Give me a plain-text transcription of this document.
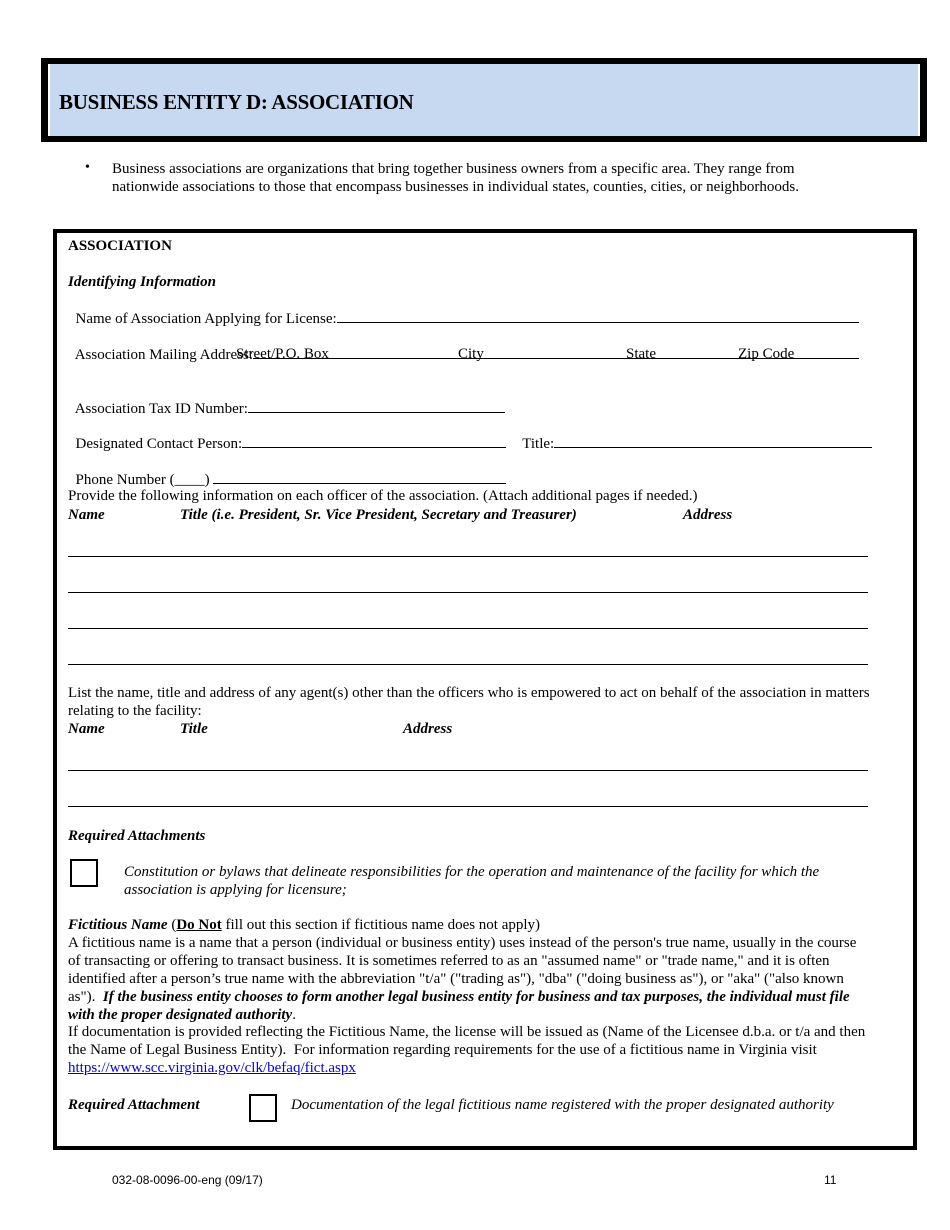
BUSINESS ENTITY D: ASSOCIATION
• Business associations are organizations that bring together business owners from a specific area. They range from
nationwide associations to those that encompass businesses in individual states, counties, cities, or neighborhoods.
ASSOCIATION
Identifying Information

Name of Association Applying for License:

Association Mailing Address:

Street/P.O. Box	City	State	Zip Code

Association Tax ID Number:

Designated Contact Person:	Title:

Phone Number (____)

Provide the following information on each officer of the association. (Attach additional pages if needed.)
Name	Title (i.e. President, Sr. Vice President, Secretary and Treasurer)	Address
List the name, title and address of any agent(s) other than the officers who is empowered to act on behalf of the association in matters
relating to the facility:
Name	Title	Address
Required Attachments
Constitution or bylaws that delineate responsibilities for the operation and maintenance of the facility for which the
association is applying for licensure;
Fictitious Name (Do Not fill out this section if fictitious name does not apply)
A fictitious name is a name that a person (individual or business entity) uses instead of the person's true name, usually in the course
of transacting or offering to transact business. It is sometimes referred to as an "assumed name" or "trade name," and it is often
identified after a person’s true name with the abbreviation "t/a" ("trading as"), "dba" ("doing business as"), or "aka" ("also known
as").  If the business entity chooses to form another legal business entity for business and tax purposes, the individual must file
with the proper designated authority.
If documentation is provided reflecting the Fictitious Name, the license will be issued as (Name of the Licensee d.b.a. or t/a and then
the Name of Legal Business Entity).  For information regarding requirements for the use of a fictitious name in Virginia visit
https://www.scc.virginia.gov/clk/befaq/fict.aspx
Required Attachment	Documentation of the legal fictitious name registered with the proper designated authority
032-08-0096-00-eng (09/17)	11
